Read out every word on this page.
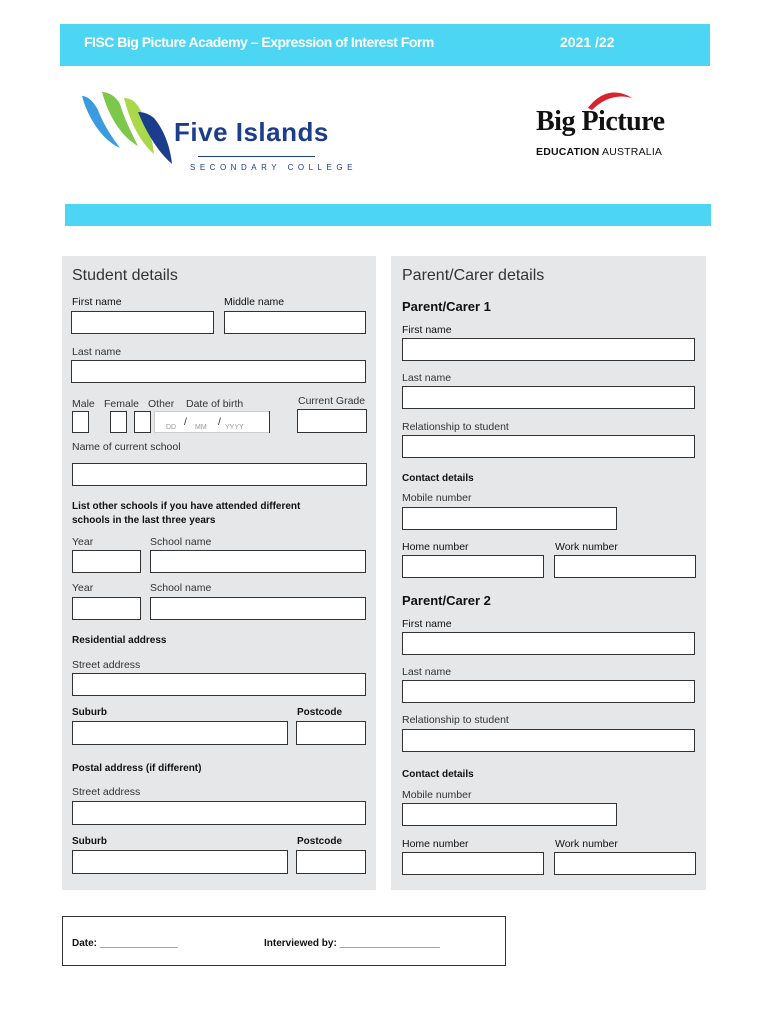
FISC Big Picture Academy – Expression of Interest Form	2021 /22
Five Islands
SECONDARY COLLEGE
Big Picture
EDUCATION AUSTRALIA
Student details
First name	Middle name
Last name
Male Female Other Date of birth	Current Grade
DD / MM / YYYY
Name of current school
List other schools if you have attended different
schools in the last three years
Year	School name
Year	School name
Residential address
Street address
Suburb	Postcode
Postal address (if different)
Street address
Suburb	Postcode
Parent/Carer details
Parent/Carer 1
First name
Last name
Relationship to student
Contact details
Mobile number
Home number	Work number
Parent/Carer 2
First name
Last name
Relationship to student
Contact details
Mobile number
Home number	Work number
Date: ______________	Interviewed by: __________________
